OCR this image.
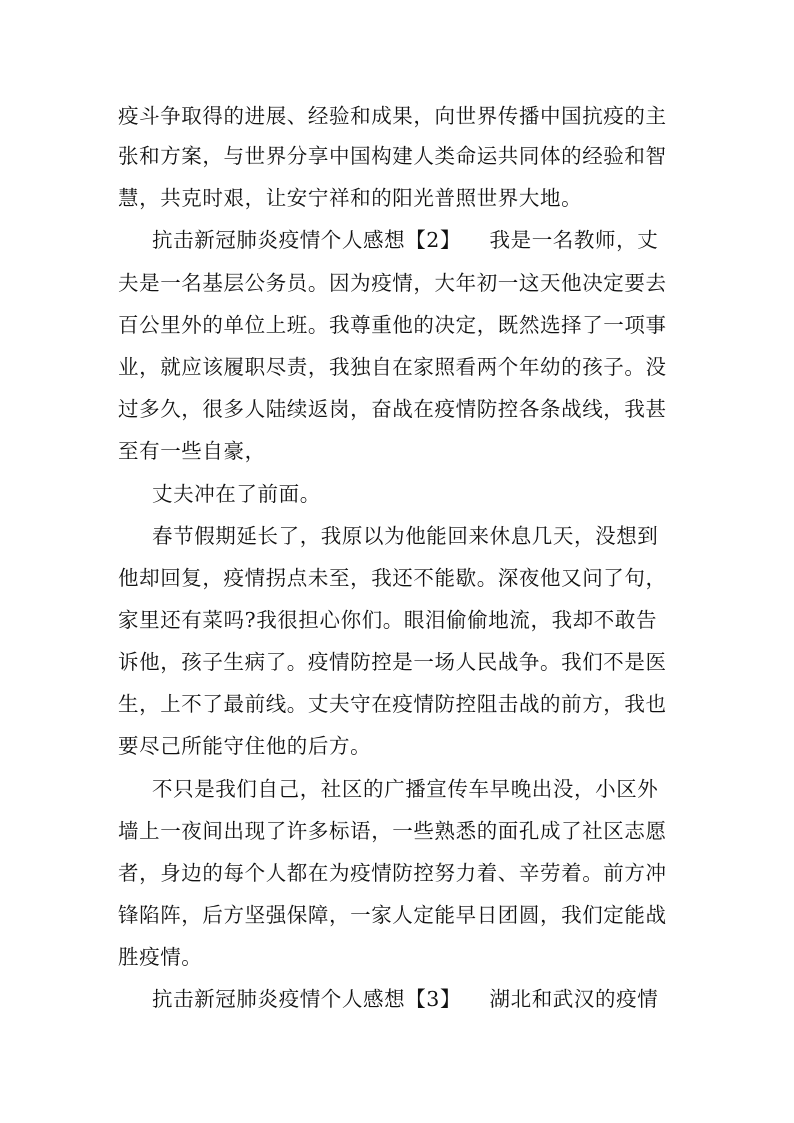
疫斗争取得的进展、经验和成果，向世界传播中国抗疫的主
张和方案，与世界分享中国构建人类命运共同体的经验和智
慧，共克时艰，让安宁祥和的阳光普照世界大地。
抗击新冠肺炎疫情个人感想【2】    我是一名教师，丈
夫是一名基层公务员。因为疫情，大年初一这天他决定要去
百公里外的单位上班。我尊重他的决定，既然选择了一项事
业，就应该履职尽责，我独自在家照看两个年幼的孩子。没
过多久，很多人陆续返岗，奋战在疫情防控各条战线，我甚
至有一些自豪，
丈夫冲在了前面。
春节假期延长了，我原以为他能回来休息几天，没想到
他却回复，疫情拐点未至，我还不能歇。深夜他又问了句，
家里还有菜吗?我很担心你们。眼泪偷偷地流，我却不敢告
诉他，孩子生病了。疫情防控是一场人民战争。我们不是医
生，上不了最前线。丈夫守在疫情防控阻击战的前方，我也
要尽己所能守住他的后方。
不只是我们自己，社区的广播宣传车早晚出没，小区外
墙上一夜间出现了许多标语，一些熟悉的面孔成了社区志愿
者，身边的每个人都在为疫情防控努力着、辛劳着。前方冲
锋陷阵，后方坚强保障，一家人定能早日团圆，我们定能战
胜疫情。
抗击新冠肺炎疫情个人感想【3】    湖北和武汉的疫情
